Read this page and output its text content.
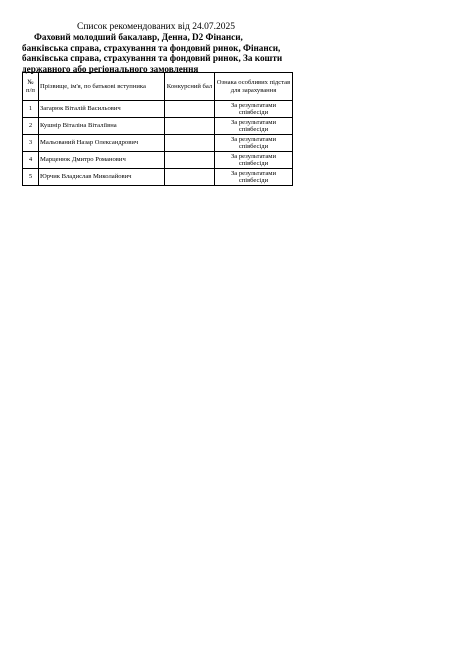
Список рекомендованих від 24.07.2025
Фаховий молодший бакалавр, Денна, D2 Фінанси,
банківська справа, страхування та фондовий ринок, Фінанси,
банківська справа, страхування та фондовий ринок, За кошти
державного або регіонального замовлення
№ п/п	Прізвище, ім'я, по батькові вступника	Конкурсний бал	Ознака особливих підстав для зарахування
1	Загарюк Віталій Васильович		За результатами співбесіди
2	Кушнір Віталіна Віталіївна		За результатами співбесіди
3	Мальований Назар Олександрович		За результатами співбесіди
4	Марценюк Дмитро Романович		За результатами співбесіди
5	Юрчик Владислав Миколайович		За результатами співбесіди
